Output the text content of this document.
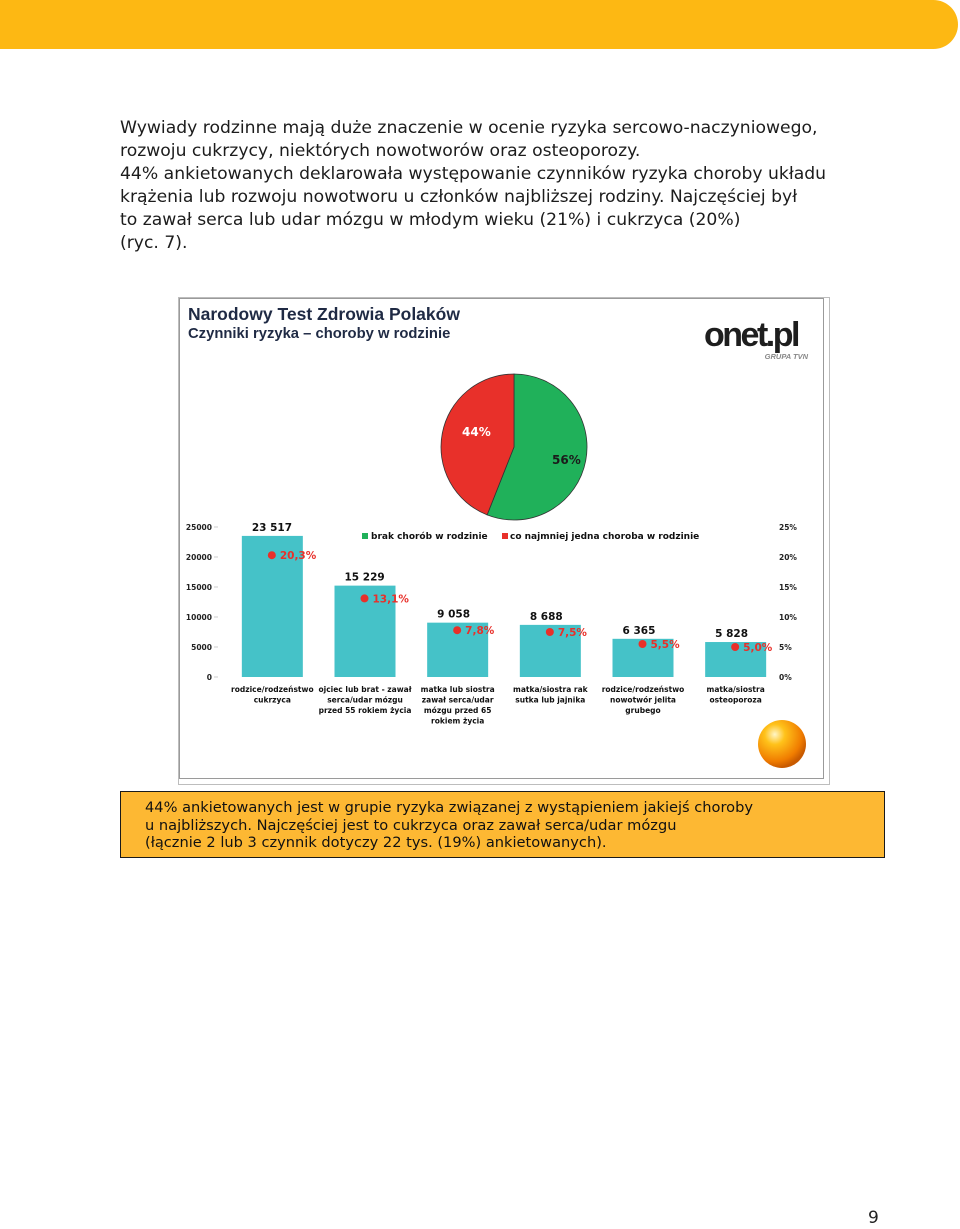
Wywiady rodzinne mają duże znaczenie w ocenie ryzyka sercowo-naczyniowego,
rozwoju cukrzycy, niektórych nowotworów oraz osteoporozy.
44% ankietowanych deklarowała występowanie czynników ryzyka choroby układu
krążenia lub rozwoju nowotworu u członków najbliższej rodziny. Najczęściej był
to zawał serca lub udar mózgu w młodym wieku (21%) i cukrzyca (20%)
(ryc. 7).

Narodowy Test Zdrowia Polaków
Czynniki ryzyka – choroby w rodzinie	onet.pl
GRUPA TVN
44%
56%
0
5000
10000
15000
20000
25000
0%
5%
10%
15%
20%
25%
brak chorób w rodzinie co najmniej jedna choroba w rodzinie
23 517
20,3%
rodzice/rodzeństwo
cukrzyca
15 229
13,1%
ojciec lub brat - zawał
serca/udar mózgu
przed 55 rokiem życia
9 058
7,8%
matka lub siostra
zawał serca/udar
mózgu przed 65
rokiem życia
8 688
7,5%
matka/siostra rak
sutka lub jajnika
6 365
5,5%
rodzice/rodzeństwo
nowotwór jelita
grubego
5 828
5,0%
matka/siostra
osteoporoza

44% ankietowanych jest w grupie ryzyka związanej z wystąpieniem jakiejś choroby
u najbliższych. Najczęściej jest to cukrzyca oraz zawał serca/udar mózgu
(łącznie 2 lub 3 czynnik dotyczy 22 tys. (19%) ankietowanych).

9
